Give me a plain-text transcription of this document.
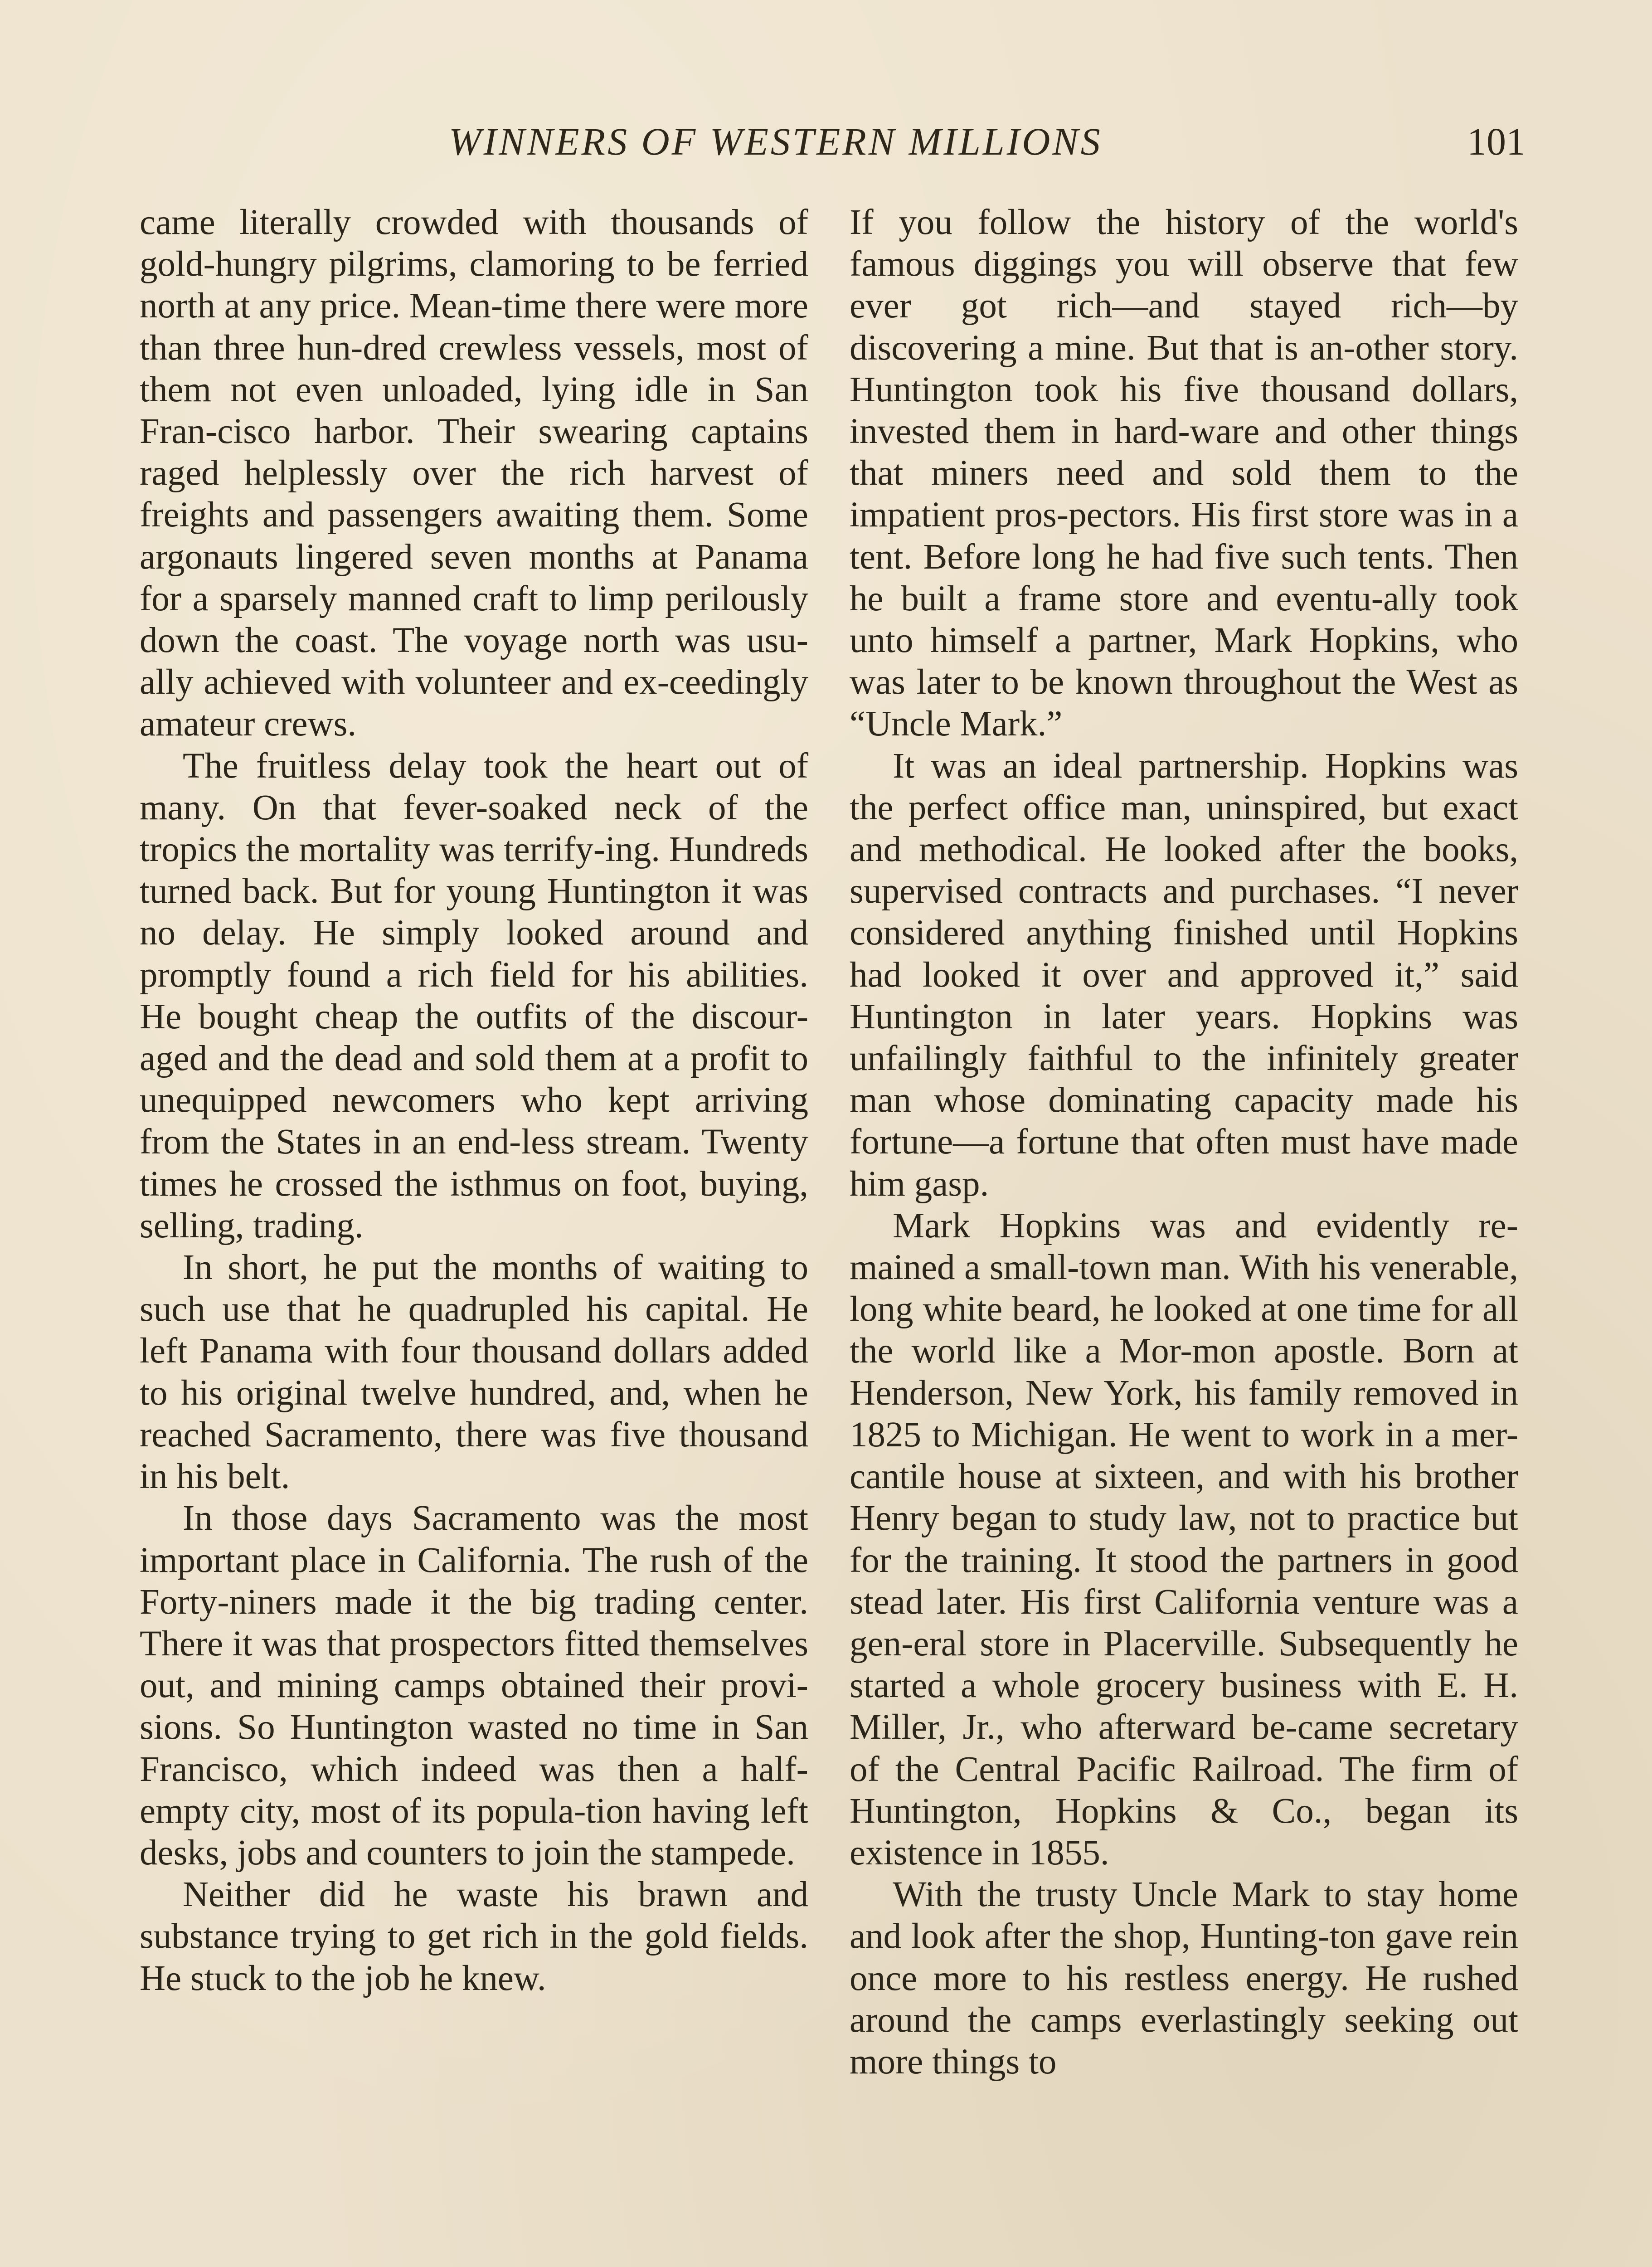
WINNERS OF WESTERN MILLIONS	101

came literally crowded with thousands of gold-hungry pilgrims, clamoring to be ferried north at any price. Mean-time there were more than three hun-dred crewless vessels, most of them not even unloaded, lying idle in San Fran-cisco harbor. Their swearing captains raged helplessly over the rich harvest of freights and passengers awaiting them. Some argonauts lingered seven months at Panama for a sparsely manned craft to limp perilously down the coast. The voyage north was usu-ally achieved with volunteer and ex-ceedingly amateur crews.

The fruitless delay took the heart out of many. On that fever-soaked neck of the tropics the mortality was terrify-ing. Hundreds turned back. But for young Huntington it was no delay. He simply looked around and promptly found a rich field for his abilities. He bought cheap the outfits of the discour-aged and the dead and sold them at a profit to unequipped newcomers who kept arriving from the States in an end-less stream. Twenty times he crossed the isthmus on foot, buying, selling, trading.

In short, he put the months of waiting to such use that he quadrupled his capital. He left Panama with four thousand dollars added to his original twelve hundred, and, when he reached Sacramento, there was five thousand in his belt.

In those days Sacramento was the most important place in California. The rush of the Forty-niners made it the big trading center. There it was that prospectors fitted themselves out, and mining camps obtained their provi-sions. So Huntington wasted no time in San Francisco, which indeed was then a half-empty city, most of its popula-tion having left desks, jobs and counters to join the stampede.

Neither did he waste his brawn and substance trying to get rich in the gold fields. He stuck to the job he knew.

If you follow the history of the world's famous diggings you will observe that few ever got rich—and stayed rich—by discovering a mine. But that is an-other story. Huntington took his five thousand dollars, invested them in hard-ware and other things that miners need and sold them to the impatient pros-pectors. His first store was in a tent. Before long he had five such tents. Then he built a frame store and eventu-ally took unto himself a partner, Mark Hopkins, who was later to be known throughout the West as “Uncle Mark.”

It was an ideal partnership. Hopkins was the perfect office man, uninspired, but exact and methodical. He looked after the books, supervised contracts and purchases. “I never considered anything finished until Hopkins had looked it over and approved it,” said Huntington in later years. Hopkins was unfailingly faithful to the infinitely greater man whose dominating capacity made his fortune—a fortune that often must have made him gasp.

Mark Hopkins was and evidently re-mained a small-town man. With his venerable, long white beard, he looked at one time for all the world like a Mor-mon apostle. Born at Henderson, New York, his family removed in 1825 to Michigan. He went to work in a mer-cantile house at sixteen, and with his brother Henry began to study law, not to practice but for the training. It stood the partners in good stead later. His first California venture was a gen-eral store in Placerville. Subsequently he started a whole grocery business with E. H. Miller, Jr., who afterward be-came secretary of the Central Pacific Railroad. The firm of Huntington, Hopkins & Co., began its existence in 1855.

With the trusty Uncle Mark to stay home and look after the shop, Hunting-ton gave rein once more to his restless energy. He rushed around the camps everlastingly seeking out more things to
